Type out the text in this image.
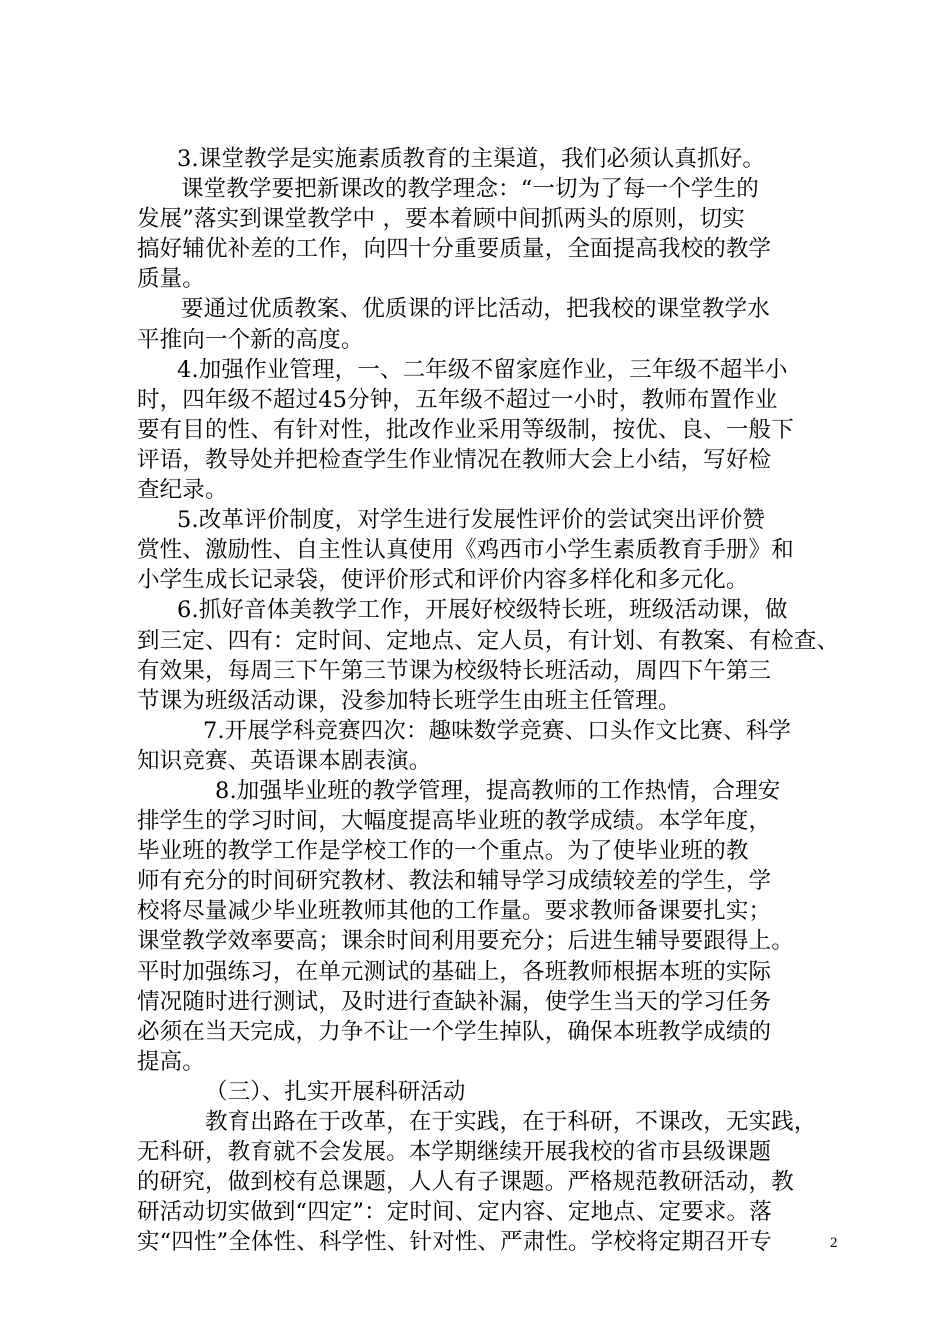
3.课堂教学是实施素质教育的主渠道，我们必须认真抓好。
课堂教学要把新课改的教学理念：“一切为了每一个学生的
发展”落实到课堂教学中 ，要本着顾中间抓两头的原则，切实
搞好辅优补差的工作，向四十分重要质量，全面提高我校的教学
质量。
要通过优质教案、优质课的评比活动，把我校的课堂教学水
平推向一个新的高度。
4.加强作业管理，一、二年级不留家庭作业，三年级不超半小
时，四年级不超过45分钟，五年级不超过一小时，教师布置作业
要有目的性、有针对性，批改作业采用等级制，按优、良、一般下
评语，教导处并把检查学生作业情况在教师大会上小结，写好检
查纪录。
5.改革评价制度，对学生进行发展性评价的尝试突出评价赞
赏性、激励性、自主性认真使用《鸡西市小学生素质教育手册》和
小学生成长记录袋，使评价形式和评价内容多样化和多元化。
6.抓好音体美教学工作，开展好校级特长班，班级活动课，做
到三定、四有：定时间、定地点、定人员，有计划、有教案、有检查、
有效果，每周三下午第三节课为校级特长班活动，周四下午第三
节课为班级活动课，没参加特长班学生由班主任管理。
7.开展学科竞赛四次：趣味数学竞赛、口头作文比赛、科学
知识竞赛、英语课本剧表演。
8.加强毕业班的教学管理，提高教师的工作热情，合理安
排学生的学习时间，大幅度提高毕业班的教学成绩。本学年度，
毕业班的教学工作是学校工作的一个重点。为了使毕业班的教
师有充分的时间研究教材、教法和辅导学习成绩较差的学生，学
校将尽量减少毕业班教师其他的工作量。要求教师备课要扎实；
课堂教学效率要高；课余时间利用要充分；后进生辅导要跟得上。
平时加强练习，在单元测试的基础上，各班教师根据本班的实际
情况随时进行测试，及时进行查缺补漏，使学生当天的学习任务
必须在当天完成，力争不让一个学生掉队，确保本班教学成绩的
提高。
（三）、扎实开展科研活动
教育出路在于改革，在于实践，在于科研，不课改，无实践，
无科研，教育就不会发展。本学期继续开展我校的省市县级课题
的研究，做到校有总课题，人人有子课题。严格规范教研活动，教
研活动切实做到“四定”：定时间、定内容、定地点、定要求。落
实“四性”全体性、科学性、针对性、严肃性。学校将定期召开专	2
